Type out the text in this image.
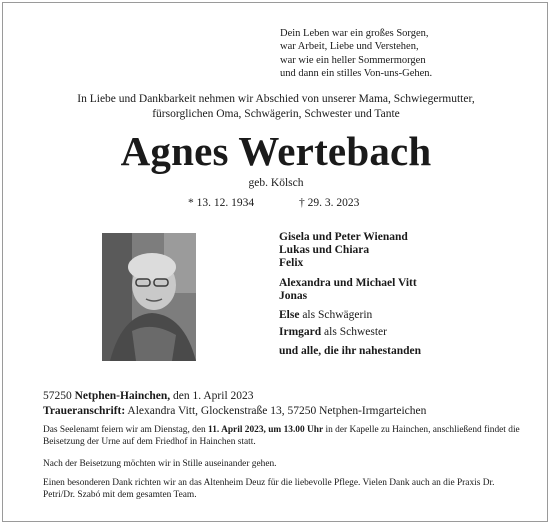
Dein Leben war ein großes Sorgen,
war Arbeit, Liebe und Verstehen,
war wie ein heller Sommermorgen
und dann ein stilles Von-uns-Gehen.
In Liebe und Dankbarkeit nehmen wir Abschied von unserer Mama, Schwiegermutter,
fürsorglichen Oma, Schwägerin, Schwester und Tante
Agnes Wertebach
geb. Kölsch
* 13. 12. 1934	† 29. 3. 2023
Gisela und Peter Wienand
Lukas und Chiara
Felix
Alexandra und Michael Vitt
Jonas
Else als Schwägerin
Irmgard als Schwester
und alle, die ihr nahestanden
57250 Netphen-Hainchen, den 1. April 2023
Traueranschrift: Alexandra Vitt, Glockenstraße 13, 57250 Netphen-Irmgarteichen
Das Seelenamt feiern wir am Dienstag, den 11. April 2023, um 13.00 Uhr in der Kapelle zu Hainchen, anschließend findet die Beisetzung der Urne auf dem Friedhof in Hainchen statt.
Nach der Beisetzung möchten wir in Stille auseinander gehen.
Einen besonderen Dank richten wir an das Altenheim Deuz für die liebevolle Pflege. Vielen Dank auch an die Praxis Dr. Petri/Dr. Szabó mit dem gesamten Team.
